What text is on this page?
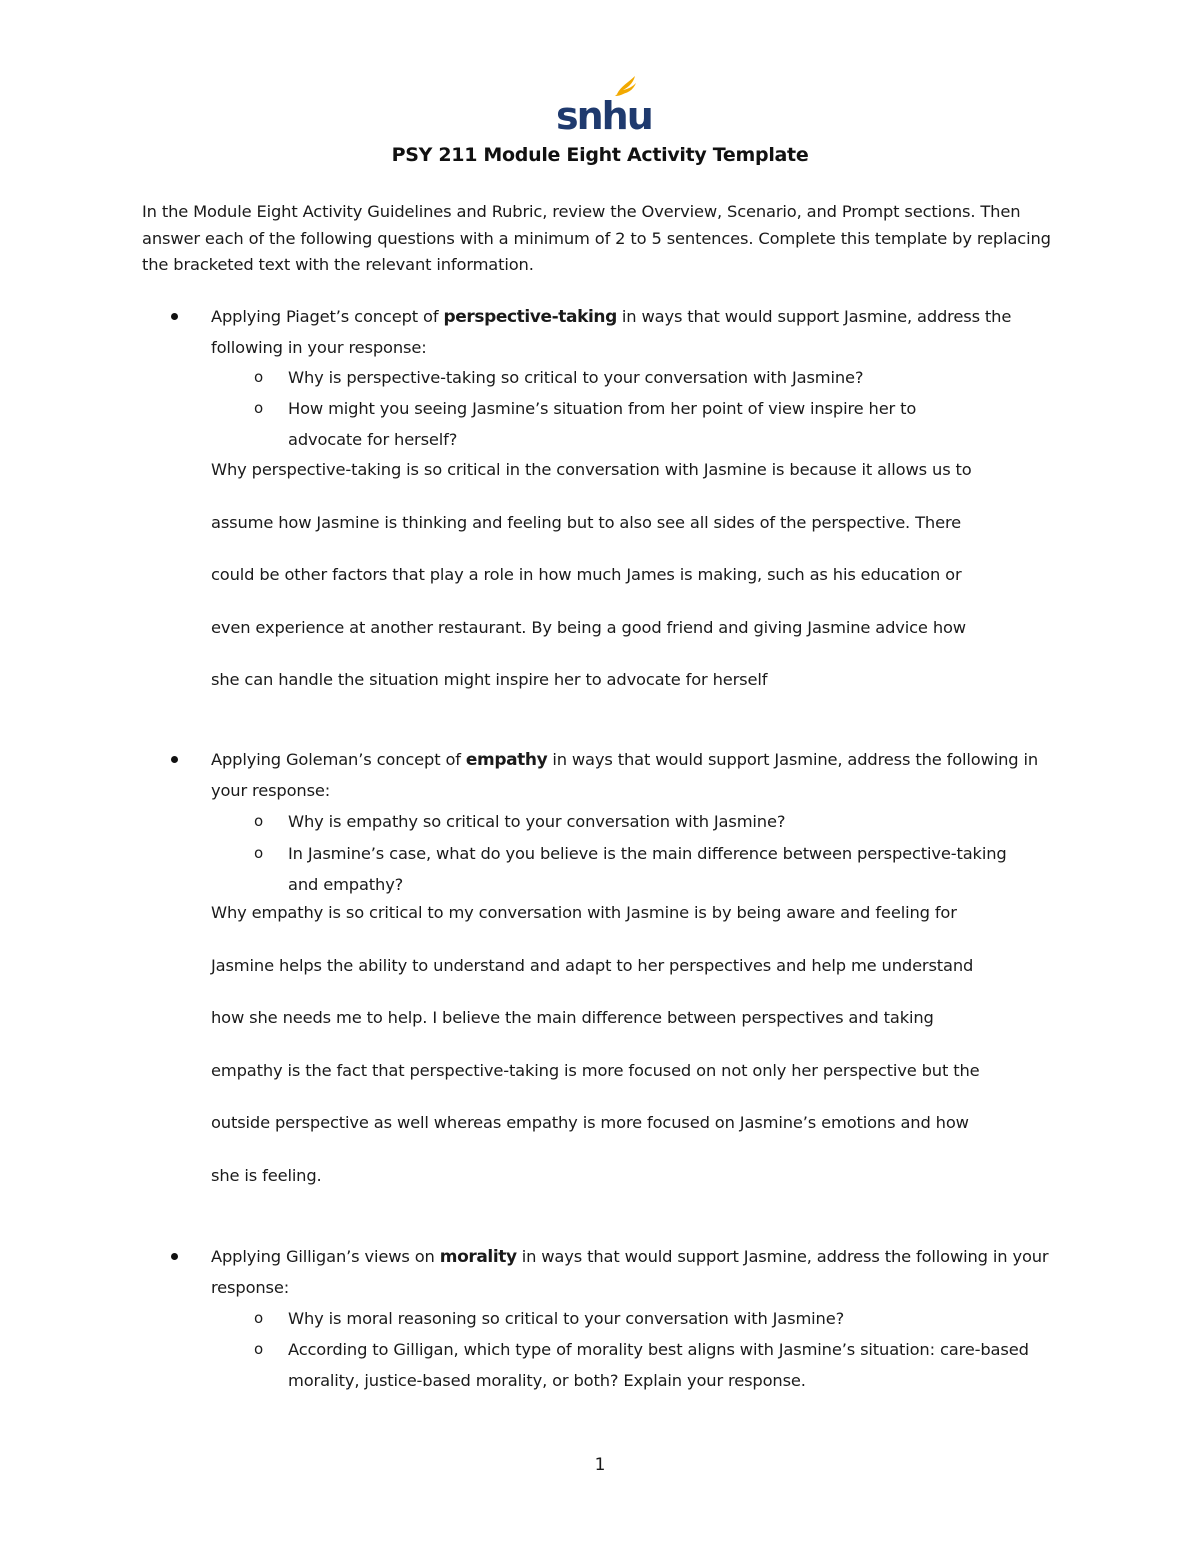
snhu
PSY 211 Module Eight Activity Template
In the Module Eight Activity Guidelines and Rubric, review the Overview, Scenario, and Prompt sections. Then answer each of the following questions with a minimum of 2 to 5 sentences. Complete this template by replacing the bracketed text with the relevant information.
Applying Piaget’s concept of perspective-taking in ways that would support Jasmine, address the following in your response:
o Why is perspective-taking so critical to your conversation with Jasmine?
o How might you seeing Jasmine’s situation from her point of view inspire her to advocate for herself?
Why perspective-taking is so critical in the conversation with Jasmine is because it allows us to
assume how Jasmine is thinking and feeling but to also see all sides of the perspective. There
could be other factors that play a role in how much James is making, such as his education or
even experience at another restaurant. By being a good friend and giving Jasmine advice how
she can handle the situation might inspire her to advocate for herself
Applying Goleman’s concept of empathy in ways that would support Jasmine, address the following in your response:
o Why is empathy so critical to your conversation with Jasmine?
o In Jasmine’s case, what do you believe is the main difference between perspective-taking and empathy?
Why empathy is so critical to my conversation with Jasmine is by being aware and feeling for
Jasmine helps the ability to understand and adapt to her perspectives and help me understand
how she needs me to help. I believe the main difference between perspectives and taking
empathy is the fact that perspective-taking is more focused on not only her perspective but the
outside perspective as well whereas empathy is more focused on Jasmine’s emotions and how
she is feeling.
Applying Gilligan’s views on morality in ways that would support Jasmine, address the following in your response:
o Why is moral reasoning so critical to your conversation with Jasmine?
o According to Gilligan, which type of morality best aligns with Jasmine’s situation: care-based morality, justice-based morality, or both? Explain your response.
1
